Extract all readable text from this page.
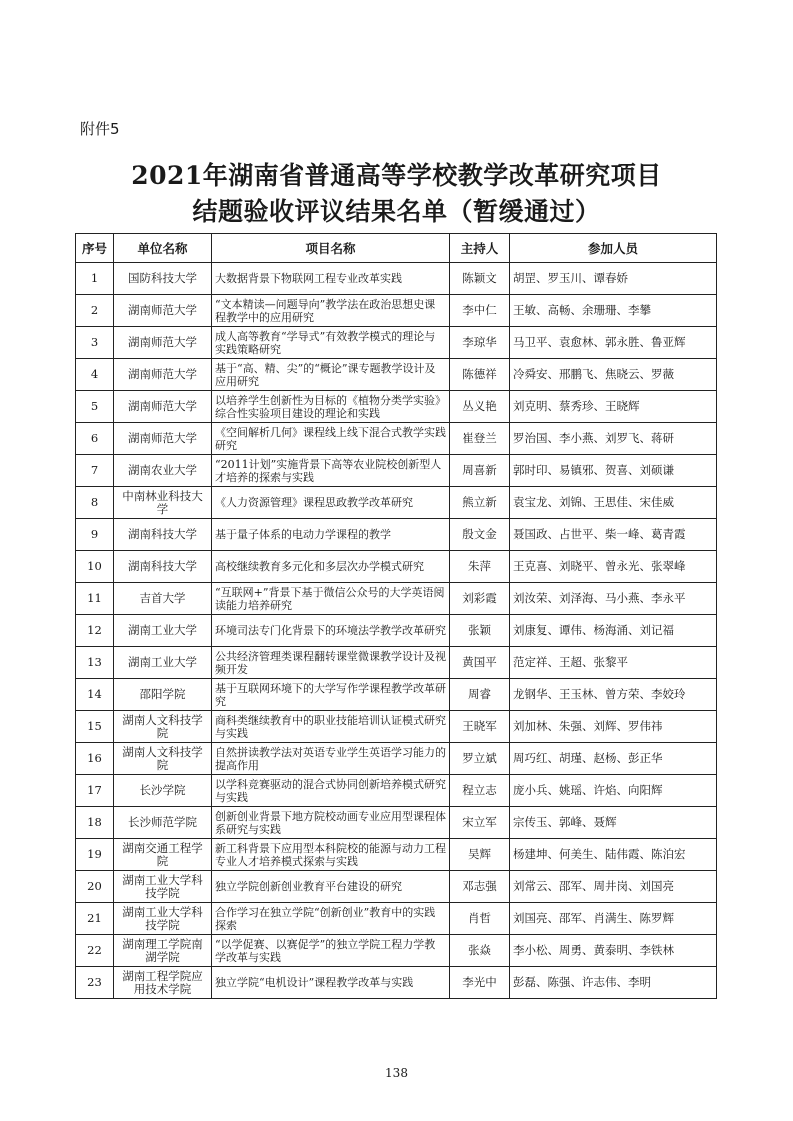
附件5
2021年湖南省普通高等学校教学改革研究项目
结题验收评议结果名单（暂缓通过）
序号	单位名称	项目名称	主持人	参加人员
1	国防科技大学	大数据背景下物联网工程专业改革实践	陈颖文	胡罡、罗玉川、谭春娇
2	湖南师范大学	“文本精读—问题导向”教学法在政治思想史课程教学中的应用研究	李中仁	王敏、高畅、余珊珊、李攀
3	湖南师范大学	成人高等教育“学导式”有效教学模式的理论与实践策略研究	李琼华	马卫平、袁愈林、郭永胜、鲁亚辉
4	湖南师范大学	基于“高、精、尖”的“概论”课专题教学设计及应用研究	陈德祥	冷舜安、邢鹏飞、焦晓云、罗薇
5	湖南师范大学	以培养学生创新性为目标的《植物分类学实验》综合性实验项目建设的理论和实践	丛义艳	刘克明、蔡秀珍、王晓辉
6	湖南师范大学	《空间解析几何》课程线上线下混合式教学实践研究	崔登兰	罗治国、李小燕、刘罗飞、蒋研
7	湖南农业大学	“2011计划”实施背景下高等农业院校创新型人才培养的探索与实践	周喜新	郭时印、易镇邪、贺喜、刘硕谦
8	中南林业科技大学	《人力资源管理》课程思政教学改革研究	熊立新	袁宝龙、刘锦、王思佳、宋佳威
9	湖南科技大学	基于量子体系的电动力学课程的教学	殷文金	聂国政、占世平、柴一峰、葛青霞
10	湖南科技大学	高校继续教育多元化和多层次办学模式研究	朱萍	王克喜、刘晓平、曾永光、张翠峰
11	吉首大学	“互联网+”背景下基于微信公众号的大学英语阅读能力培养研究	刘彩霞	刘汝荣、刘泽海、马小燕、李永平
12	湖南工业大学	环境司法专门化背景下的环境法学教学改革研究	张颖	刘康复、谭伟、杨海涌、刘记福
13	湖南工业大学	公共经济管理类课程翻转课堂微课教学设计及视频开发	黄国平	范定祥、王超、张黎平
14	邵阳学院	基于互联网环境下的大学写作学课程教学改革研究	周睿	龙钢华、王玉林、曾方荣、李姣玲
15	湖南人文科技学院	商科类继续教育中的职业技能培训认证模式研究与实践	王晓军	刘加林、朱强、刘辉、罗伟祎
16	湖南人文科技学院	自然拼读教学法对英语专业学生英语学习能力的提高作用	罗立斌	周巧红、胡瑾、赵杨、彭正华
17	长沙学院	以学科竞赛驱动的混合式协同创新培养模式研究与实践	程立志	庞小兵、姚瑶、许焰、向阳辉
18	长沙师范学院	创新创业背景下地方院校动画专业应用型课程体系研究与实践	宋立军	宗传玉、郭峰、聂辉
19	湖南交通工程学院	新工科背景下应用型本科院校的能源与动力工程专业人才培养模式探索与实践	吴辉	杨建坤、何美生、陆伟霞、陈泊宏
20	湖南工业大学科技学院	独立学院创新创业教育平台建设的研究	邓志强	刘常云、邵军、周井岗、刘国亮
21	湖南工业大学科技学院	合作学习在独立学院“创新创业”教育中的实践探索	肖哲	刘国亮、邵军、肖满生、陈罗辉
22	湖南理工学院南湖学院	“以学促赛、以赛促学”的独立学院工程力学教学改革与实践	张焱	李小松、周勇、黄泰明、李铁林
23	湖南工程学院应用技术学院	独立学院“电机设计”课程教学改革与实践	李光中	彭磊、陈强、许志伟、李明
138
